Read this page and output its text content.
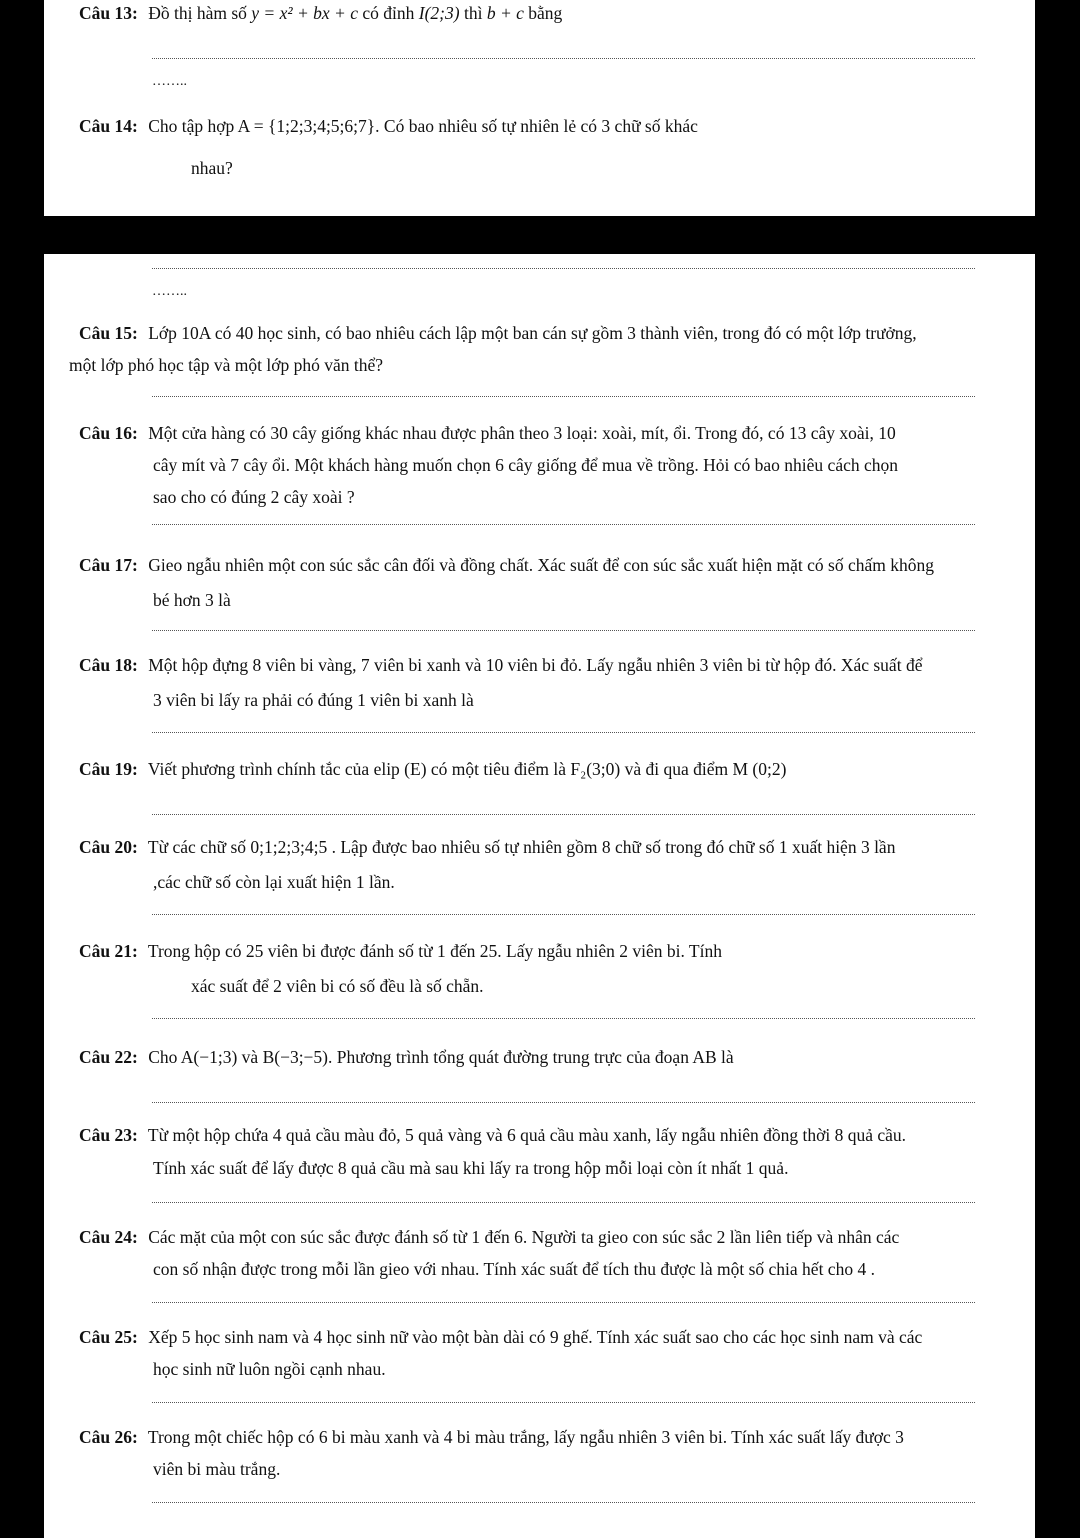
Câu 13: Đồ thị hàm số y = x² + bx + c có đỉnh I(2;3) thì b + c bằng
……..
Câu 14: Cho tập hợp A = {1;2;3;4;5;6;7}. Có bao nhiêu số tự nhiên lẻ có 3 chữ số khác
nhau?
……..
Câu 15: Lớp 10A có 40 học sinh, có bao nhiêu cách lập một ban cán sự gồm 3 thành viên, trong đó có một lớp trưởng,
một lớp phó học tập và một lớp phó văn thể?
Câu 16: Một cửa hàng có 30 cây giống khác nhau được phân theo 3 loại: xoài, mít, ổi. Trong đó, có 13 cây xoài, 10
cây mít và 7 cây ổi. Một khách hàng muốn chọn 6 cây giống để mua về trồng. Hỏi có bao nhiêu cách chọn
sao cho có đúng 2 cây xoài ?
Câu 17: Gieo ngẫu nhiên một con súc sắc cân đối và đồng chất. Xác suất để con súc sắc xuất hiện mặt có số chấm không
bé hơn 3 là
Câu 18: Một hộp đựng 8 viên bi vàng, 7 viên bi xanh và 10 viên bi đỏ. Lấy ngẫu nhiên 3 viên bi từ hộp đó. Xác suất để
3 viên bi lấy ra phải có đúng 1 viên bi xanh là
Câu 19: Viết phương trình chính tắc của elip (E) có một tiêu điểm là F₂(3;0) và đi qua điểm M (0;2)
Câu 20: Từ các chữ số 0;1;2;3;4;5 . Lập được bao nhiêu số tự nhiên gồm 8 chữ số trong đó chữ số 1 xuất hiện 3 lần
,các chữ số còn lại xuất hiện 1 lần.
Câu 21: Trong hộp có 25 viên bi được đánh số từ 1 đến 25. Lấy ngẫu nhiên 2 viên bi. Tính
xác suất để 2 viên bi có số đều là số chẵn.
Câu 22: Cho A(−1;3) và B(−3;−5). Phương trình tổng quát đường trung trực của đoạn AB là
Câu 23: Từ một hộp chứa 4 quả cầu màu đỏ, 5 quả vàng và 6 quả cầu màu xanh, lấy ngẫu nhiên đồng thời 8 quả cầu.
Tính xác suất để lấy được 8 quả cầu mà sau khi lấy ra trong hộp mỗi loại còn ít nhất 1 quả.
Câu 24: Các mặt của một con súc sắc được đánh số từ 1 đến 6. Người ta gieo con súc sắc 2 lần liên tiếp và nhân các
con số nhận được trong mỗi lần gieo với nhau. Tính xác suất để tích thu được là một số chia hết cho 4 .
Câu 25: Xếp 5 học sinh nam và 4 học sinh nữ vào một bàn dài có 9 ghế. Tính xác suất sao cho các học sinh nam và các
học sinh nữ luôn ngồi cạnh nhau.
Câu 26: Trong một chiếc hộp có 6 bi màu xanh và 4 bi màu trắng, lấy ngẫu nhiên 3 viên bi. Tính xác suất lấy được 3
viên bi màu trắng.
